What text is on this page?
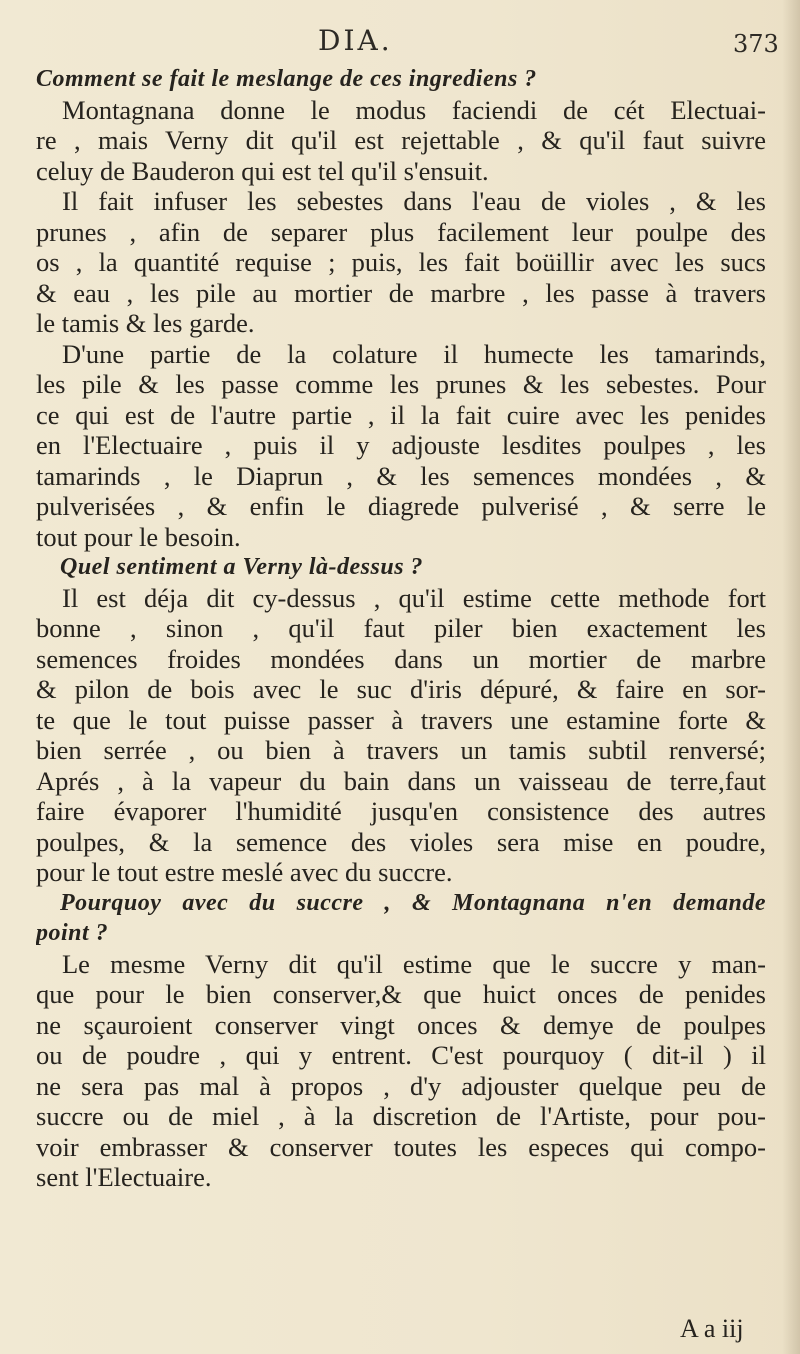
DIA.	373
Comment se fait le meslange de ces ingrediens ?
Montagnana donne le modus faciendi de cét Electuai-
re , mais Verny dit qu'il est rejettable , & qu'il faut suivre
celuy de Bauderon qui est tel qu'il s'ensuit.
Il fait infuser les sebestes dans l'eau de violes , & les
prunes , afin de separer plus facilement leur poulpe des
os , la quantité requise ; puis, les fait boüillir avec les sucs
& eau , les pile au mortier de marbre , les passe à travers
le tamis & les garde.
D'une partie de la colature il humecte les tamarinds,
les pile & les passe comme les prunes & les sebestes. Pour
ce qui est de l'autre partie , il la fait cuire avec les penides
en l'Electuaire , puis il y adjouste lesdites poulpes , les
tamarinds , le Diaprun , & les semences mondées , &
pulverisées , & enfin le diagrede pulverisé , & serre le
tout pour le besoin.
Quel sentiment a Verny là-dessus ?
Il est déja dit cy-dessus , qu'il estime cette methode fort
bonne , sinon , qu'il faut piler bien exactement les
semences froides mondées dans un mortier de marbre
& pilon de bois avec le suc d'iris dépuré, & faire en sor-
te que le tout puisse passer à travers une estamine forte &
bien serrée , ou bien à travers un tamis subtil renversé;
Aprés , à la vapeur du bain dans un vaisseau de terre,faut
faire évaporer l'humidité jusqu'en consistence des autres
poulpes, & la semence des violes sera mise en poudre,
pour le tout estre meslé avec du succre.
Pourquoy avec du succre , & Montagnana n'en demande
point ?
Le mesme Verny dit qu'il estime que le succre y man-
que pour le bien conserver,& que huict onces de penides
ne sçauroient conserver vingt onces & demye de poulpes
ou de poudre , qui y entrent. C'est pourquoy ( dit-il ) il
ne sera pas mal à propos , d'y adjouster quelque peu de
succre ou de miel , à la discretion de l'Artiste, pour pou-
voir embrasser & conserver toutes les especes qui compo-
sent l'Electuaire.
A a iij
